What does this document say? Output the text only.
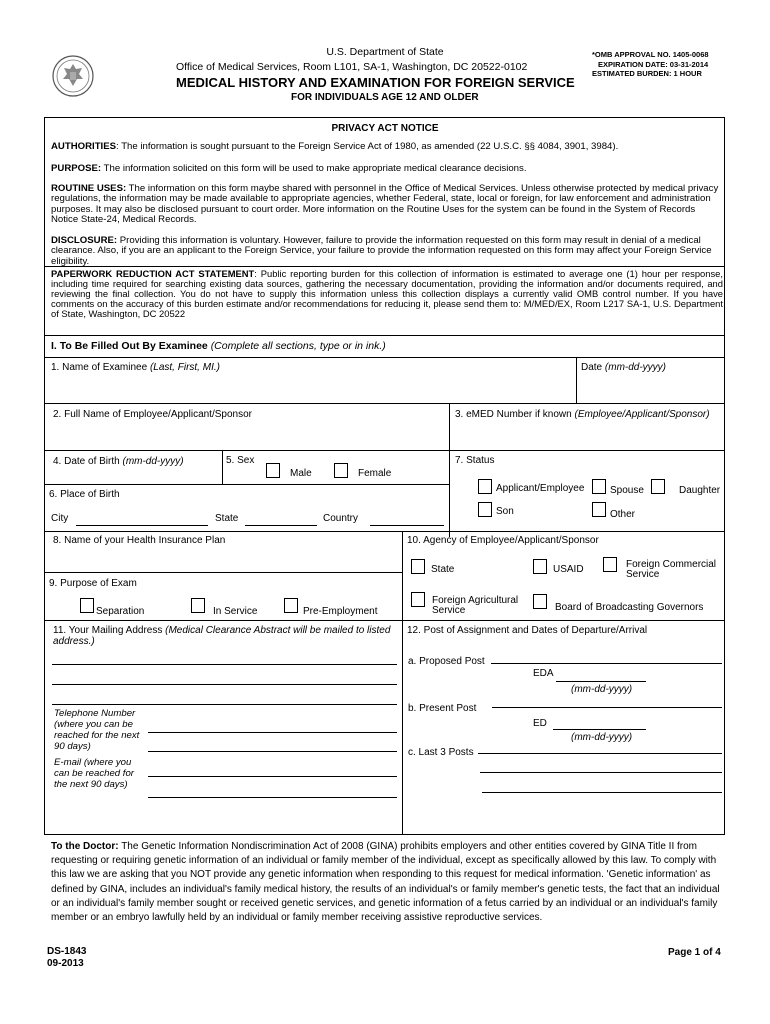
U.S. Department of State
Office of Medical Services, Room L101, SA-1, Washington, DC 20522-0102
MEDICAL HISTORY AND EXAMINATION FOR FOREIGN SERVICE
FOR INDIVIDUALS AGE 12 AND OLDER
*OMB APPROVAL NO. 1405-0068
EXPIRATION DATE: 03-31-2014
ESTIMATED BURDEN: 1 HOUR
PRIVACY ACT NOTICE
AUTHORITIES: The information is sought pursuant to the Foreign Service Act of 1980, as amended (22 U.S.C. §§ 4084, 3901, 3984).
PURPOSE: The information solicited on this form will be used to make appropriate medical clearance decisions.
ROUTINE USES: The information on this form maybe shared with personnel in the Office of Medical Services. Unless otherwise protected by medical privacy regulations, the information may be made available to appropriate agencies, whether Federal, state, local or foreign, for law enforcement and administration purposes. It may also be disclosed pursuant to court order. More information on the Routine Uses for the system can be found in the System of Records Notice State-24, Medical Records.
DISCLOSURE: Providing this information is voluntary. However, failure to provide the information requested on this form may result in denial of a medical clearance. Also, if you are an applicant to the Foreign Service, your failure to provide the information requested on this form may affect your Foreign Service eligibility.
PAPERWORK REDUCTION ACT STATEMENT: Public reporting burden for this collection of information is estimated to average one (1) hour per response, including time required for searching existing data sources, gathering the necessary documentation, providing the information and/or documents required, and reviewing the final collection. You do not have to supply this information unless this collection displays a currently valid OMB control number. If you have comments on the accuracy of this burden estimate and/or recommendations for reducing it, please send them to: M/MED/EX, Room L217 SA-1, U.S. Department of State, Washington, DC 20522
I. To Be Filled Out By Examinee (Complete all sections, type or in ink.)
1. Name of Examinee (Last, First, MI.)	Date (mm-dd-yyyy)
2. Full Name of Employee/Applicant/Sponsor	3. eMED Number if known (Employee/Applicant/Sponsor)
4. Date of Birth (mm-dd-yyyy)	5. Sex
Male	Female
7. Status
Applicant/Employee	Spouse	Daughter
Son	Other
6. Place of Birth
City	State	Country
8. Name of your Health Insurance Plan	10. Agency of Employee/Applicant/Sponsor
State	USAID	Foreign Commercial
Service
Foreign Agricultural
Service	Board of Broadcasting Governors
9. Purpose of Exam
Separation	In Service	Pre-Employment
11. Your Mailing Address (Medical Clearance Abstract will be mailed to listed address.)
Telephone Number
(where you can be
reached for the next
90 days)
E-mail (where you
can be reached for
the next 90 days)
12. Post of Assignment and Dates of Departure/Arrival
a. Proposed Post
EDA
(mm-dd-yyyy)
b. Present Post
ED
(mm-dd-yyyy)
c. Last 3 Posts
To the Doctor: The Genetic Information Nondiscrimination Act of 2008 (GINA) prohibits employers and other entities covered by GINA Title II from requesting or requiring genetic information of an individual or family member of the individual, except as specifically allowed by this law. To comply with this law we are asking that you NOT provide any genetic information when responding to this request for medical information. 'Genetic information' as defined by GINA, includes an individual's family medical history, the results of an individual's or family member's genetic tests, the fact that an individual or an individual's family member sought or received genetic services, and genetic information of a fetus carried by an individual or an individual's family member or an embryo lawfully held by an individual or family member receiving assistive reproductive services.
DS-1843
09-2013
Page 1 of 4
